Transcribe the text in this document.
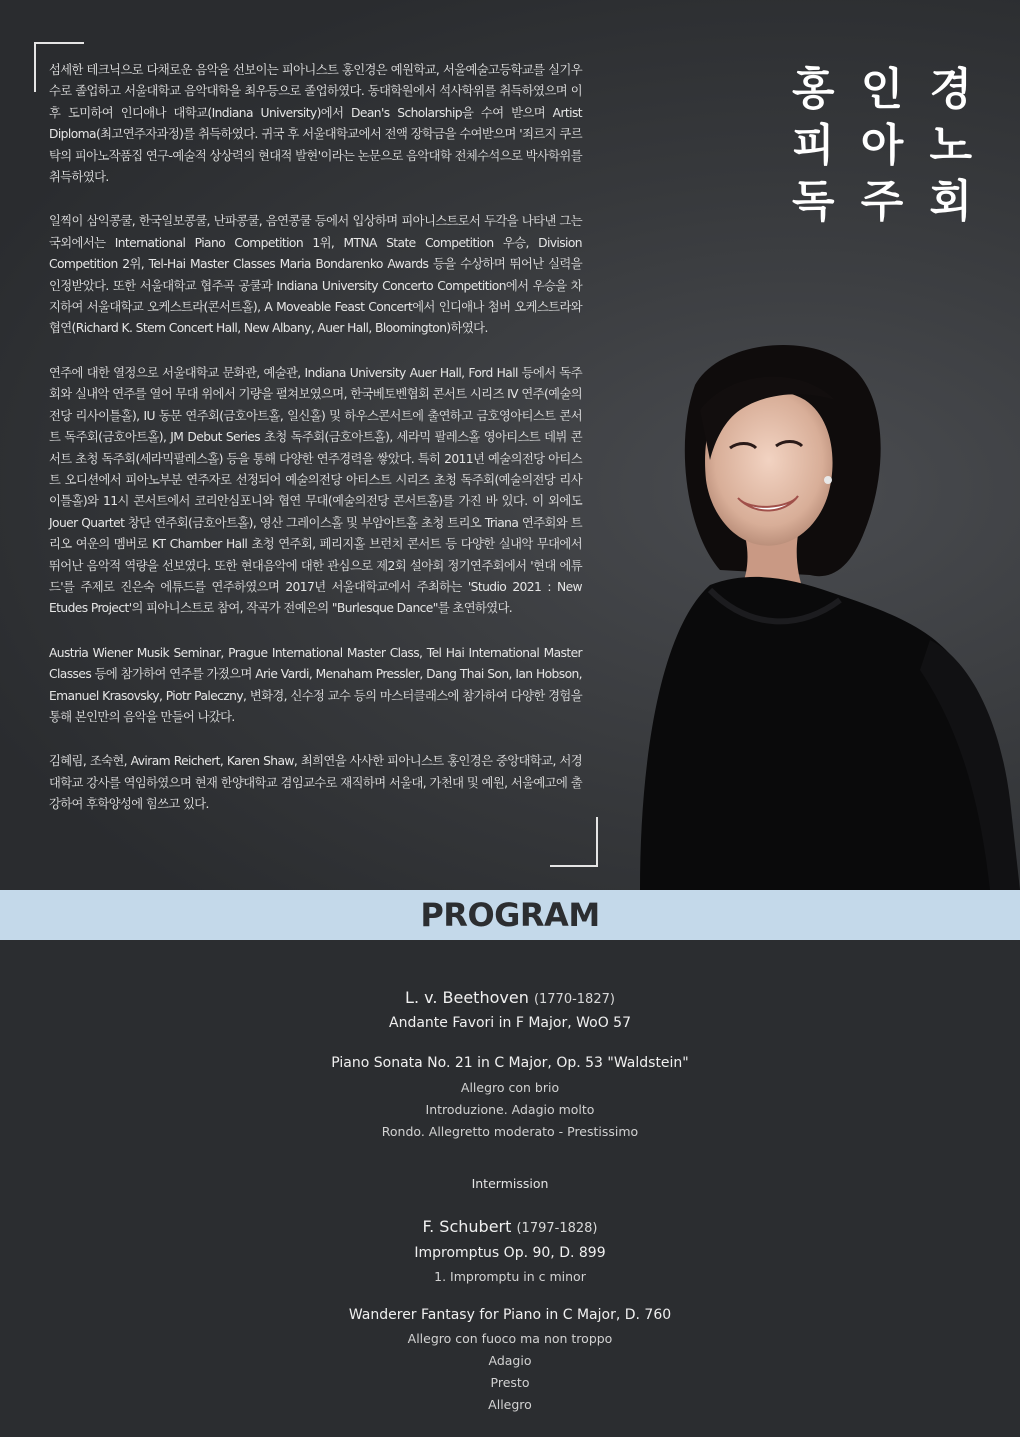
섬세한 테크닉으로 다채로운 음악을 선보이는 피아니스트 홍인경은 예원학교, 서울예술고등학교를 실기우수로 졸업하고 서울대학교 음악대학을 최우등으로 졸업하였다. 동대학원에서 석사학위를 취득하였으며 이후 도미하여 인디애나 대학교(Indiana University)에서 Dean's Scholarship을 수여 받으며 Artist Diploma(최고연주자과정)를 취득하였다. 귀국 후 서울대학교에서 전액 장학금을 수여받으며 '죄르지 쿠르탁의 피아노작품집 연구-예술적 상상력의 현대적 발현'이라는 논문으로 음악대학 전체수석으로 박사학위를 취득하였다.

일찍이 삼익콩쿨, 한국일보콩쿨, 난파콩쿨, 음연콩쿨 등에서 입상하며 피아니스트로서 두각을 나타낸 그는 국외에서는 International Piano Competition 1위, MTNA State Competition 우승, Division Competition 2위, Tel-Hai Master Classes Maria Bondarenko Awards 등을 수상하며 뛰어난 실력을 인정받았다. 또한 서울대학교 협주곡 공쿨과 Indiana University Concerto Competition에서 우승을 차지하여 서울대학교 오케스트라(콘서트홀), A Moveable Feast Concert에서 인디애나 첨버 오케스트라와 협연(Richard K. Stern Concert Hall, New Albany, Auer Hall, Bloomington)하였다.

연주에 대한 열정으로 서울대학교 문화관, 예술관, Indiana University Auer Hall, Ford Hall 등에서 독주회와 실내악 연주를 열어 무대 위에서 기량을 펼쳐보였으며, 한국베토벤협회 콘서트 시리즈 IV 연주(예술의전당 리사이틀홀), IU 동문 연주회(금호아트홀, 일신홀) 및 하우스콘서트에 출연하고 금호영아티스트 콘서트 독주회(금호아트홀), JM Debut Series 초청 독주회(금호아트홀), 세라믹 팔레스홀 영아티스트 데뷔 콘서트 초청 독주회(세라믹팔레스홀) 등을 통해 다양한 연주경력을 쌓았다. 특히 2011년 예술의전당 아티스트 오디션에서 피아노부분 연주자로 선정되어 예술의전당 아티스트 시리즈 초청 독주회(예술의전당 리사이틀홀)와 11시 콘서트에서 코리안심포니와 협연 무대(예술의전당 콘서트홀)를 가진 바 있다. 이 외에도 Jouer Quartet 창단 연주회(금호아트홀), 영산 그레이스홀 및 부암아트홀 초청 트리오 Triana 연주회와 트리오 여운의 멤버로 KT Chamber Hall 초청 연주회, 페리지홀 브런치 콘서트 등 다양한 실내악 무대에서 뛰어난 음악적 역량을 선보였다. 또한 현대음악에 대한 관심으로 제2회 설아회 정기연주회에서 '현대 에튜드'를 주제로 진은숙 에튜드를 연주하였으며 2017년 서울대학교에서 주최하는 'Studio 2021 : New Etudes Project'의 피아니스트로 참여, 작곡가 전예은의 "Burlesque Dance"를 초연하였다.

Austria Wiener Musik Seminar, Prague International Master Class, Tel Hai International Master Classes 등에 참가하여 연주를 가졌으며 Arie Vardi, Menaham Pressler, Dang Thai Son, Ian Hobson, Emanuel Krasovsky, Piotr Paleczny, 변화경, 신수정 교수 등의 마스터클래스에 참가하여 다양한 경험을 통해 본인만의 음악을 만들어 나갔다.

김혜림, 조숙현, Aviram Reichert, Karen Shaw, 최희연을 사사한 피아니스트 홍인경은 중앙대학교, 서경대학교 강사를 역임하였으며 현재 한양대학교 겸임교수로 재직하며 서울대, 가천대 및 예원, 서울예고에 출강하여 후학양성에 힘쓰고 있다.

홍 인 경
피 아 노
독 주 회
PROGRAM
L. v. Beethoven (1770-1827)
Andante Favori in F Major, WoO 57
Piano Sonata No. 21 in C Major, Op. 53 "Waldstein"
Allegro con brio
Introduzione. Adagio molto
Rondo. Allegretto moderato - Prestissimo
Intermission
F. Schubert (1797-1828)
Impromptus Op. 90, D. 899
1. Impromptu in c minor
Wanderer Fantasy for Piano in C Major, D. 760
Allegro con fuoco ma non troppo
Adagio
Presto
Allegro
